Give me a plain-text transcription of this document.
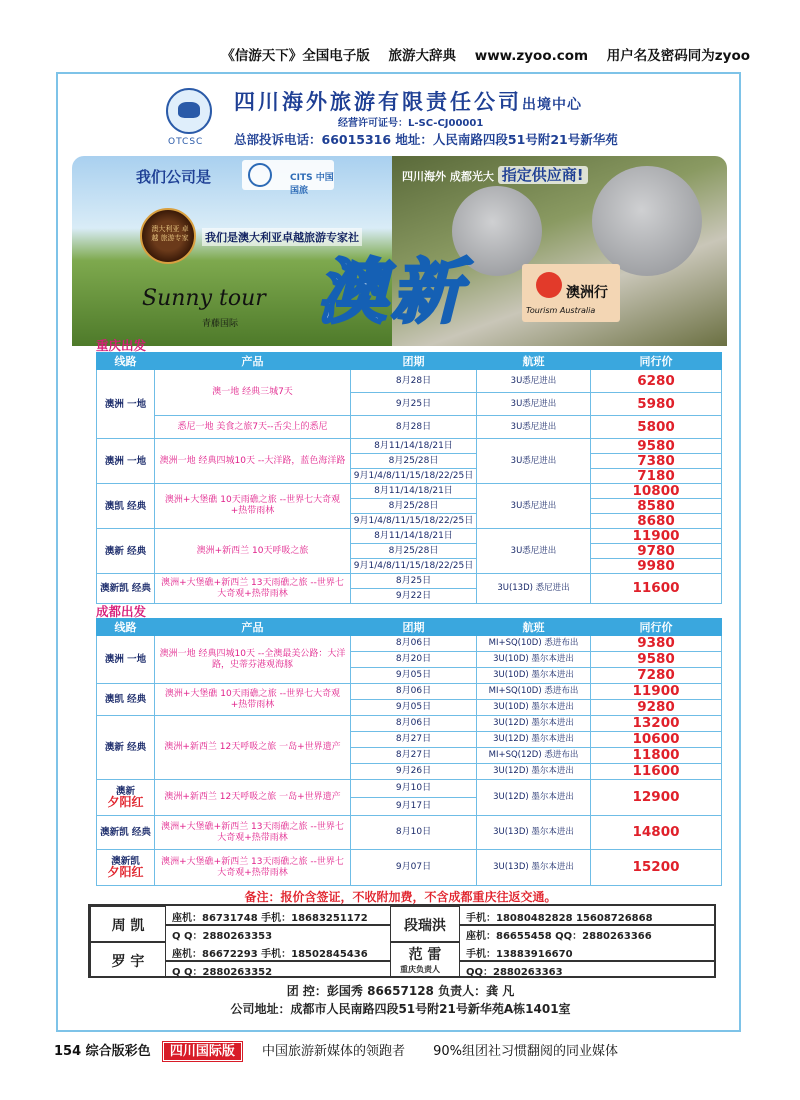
《信游天下》全国电子版 旅游大辞典 www.zyoo.com 用户名及密码同为zyoo
OTCSC
四川海外旅游有限责任公司出境中心
经营许可证号：L-SC-CJ00001
总部投诉电话：66015316 地址：人民南路四段51号附21号新华苑
我们公司是	CITS 中国国旅
澳大利亚 卓越 旅游专家	我们是澳大利亚卓越旅游专家社
Sunny tour
青藤国际
四川海外 成都光大 指定供应商!
澳新	澳洲行
Tourism Australia
重庆出发
线路	产品	团期	航班	同行价
澳洲 一地	澳一地 经典三城7天	8月28日	3U悉尼进出	6280
		9月25日	3U悉尼进出	5980
	悉尼一地 美食之旅7天--舌尖上的悉尼	8月28日	3U悉尼进出	5800
澳洲 一地	澳洲一地 经典四城10天 --大洋路，蓝色海洋路	8月11/14/18/21日	3U悉尼进出	9580
		8月25/28日		7380
		9月1/4/8/11/15/18/22/25日		7180
澳凯 经典	澳洲+大堡礁 10天雨礁之旅 --世界七大奇观+热带雨林	8月11/14/18/21日	3U悉尼进出	10800
		8月25/28日		8580
		9月1/4/8/11/15/18/22/25日		8680
澳新 经典	澳洲+新西兰 10天呼吸之旅	8月11/14/18/21日	3U悉尼进出	11900
		8月25/28日		9780
		9月1/4/8/11/15/18/22/25日		9980
澳新凯 经典	澳洲+大堡礁+新西兰 13天雨礁之旅 --世界七大奇观+热带雨林	8月25日	3U(13D) 悉尼进出	11600
		9月22日		
成都出发
线路	产品	团期	航班	同行价
澳洲 一地	澳洲一地 经典四城10天 --全澳最美公路：大洋路，史蒂芬港观海豚	8月06日	MI+SQ(10D) 悉进布出	9380
		8月20日	3U(10D) 墨尔本进出	9580
		9月05日	3U(10D) 墨尔本进出	7280
澳凯 经典	澳洲+大堡礁 10天雨礁之旅 --世界七大奇观+热带雨林	8月06日	MI+SQ(10D) 悉进布出	11900
		9月05日	3U(10D) 墨尔本进出	9280
澳新 经典	澳洲+新西兰 12天呼吸之旅 一岛+世界遗产	8月06日	3U(12D) 墨尔本进出	13200
		8月27日	3U(12D) 墨尔本进出	10600
		8月27日	MI+SQ(12D) 悉进布出	11800
		9月26日	3U(12D) 墨尔本进出	11600
澳新
夕阳红	澳洲+新西兰 12天呼吸之旅 一岛+世界遗产	9月10日	3U(12D) 墨尔本进出	12900
		9月17日		
澳新凯 经典	澳洲+大堡礁+新西兰 13天雨礁之旅 --世界七大奇观+热带雨林	8月10日	3U(13D) 墨尔本进出	14800
澳新凯
夕阳红	澳洲+大堡礁+新西兰 13天雨礁之旅 --世界七大奇观+热带雨林	9月07日	3U(13D) 墨尔本进出	15200
备注：报价含签证，不收附加费，不含成都重庆往返交通。
周 凯	座机：86731748 手机：18683251172
Q Q：2880263353
罗 宇	座机：86672293 手机：18502845436
Q Q：2880263352
段瑞洪	手机：18080482828 15608726868
座机：86655458 QQ：2880263366
范 雷
重庆负责人
手机：13883916670
QQ：2880263363
团 控：彭国秀 86657128 负责人：龚 凡
公司地址：成都市人民南路四段51号附21号新华苑A栋1401室
154 综合版彩色 四川国际版 中国旅游新媒体的领跑者 90%组团社习惯翻阅的同业媒体
